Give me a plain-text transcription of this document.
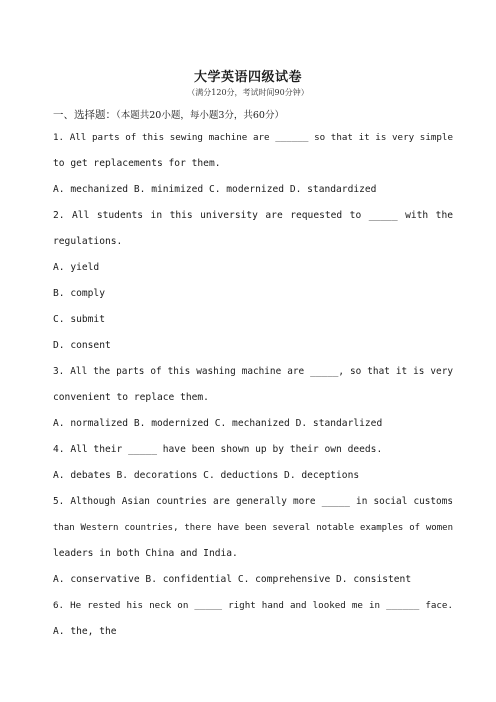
大学英语四级试卷
（满分120分，考试时间90分钟）
一、选择题：（本题共20小题，每小题3分，共60分）
1. All parts of this sewing machine are ______ so that it is very simple
to get replacements for them.
A. mechanized B. minimized C. modernized D. standardized
2. All students in this university are requested to _____ with the
regulations.
A. yield
B. comply
C. submit
D. consent
3. All the parts of this washing machine are _____, so that it is very
convenient to replace them.
A. normalized B. modernized C. mechanized D. standarlized
4. All their _____ have been shown up by their own deeds.
A. debates B. decorations C. deductions D. deceptions
5. Although Asian countries are generally more _____ in social customs
than Western countries, there have been several notable examples of women
leaders in both China and India.
A. conservative B. confidential C. comprehensive D. consistent
6. He rested his neck on _____ right hand and looked me in ______ face.
A. the, the
